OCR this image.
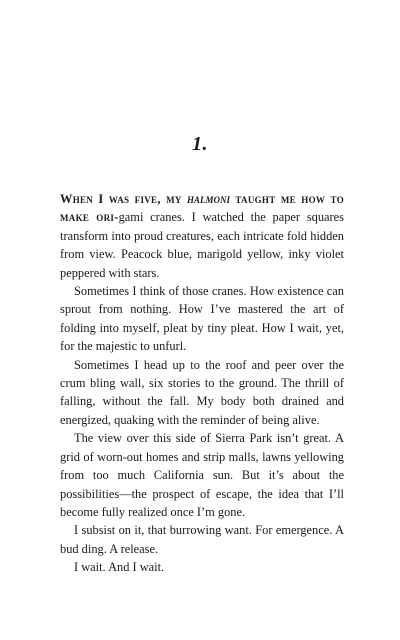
1.

When I was five, my halmoni taught me how to make ori-gami cranes. I watched the paper squares transform into proud creatures, each intricate fold hidden from view. Peacock blue, marigold yellow, inky violet peppered with stars.

Sometimes I think of those cranes. How existence can sprout from nothing. How I’ve mastered the art of folding into myself, pleat by tiny pleat. How I wait, yet, for the majestic to unfurl.

Sometimes I head up to the roof and peer over the crum bling wall, six stories to the ground. The thrill of falling, without the fall. My body both drained and energized, quaking with the reminder of being alive.

The view over this side of Sierra Park isn’t great. A grid of worn-out homes and strip malls, lawns yellowing from too much California sun. But it’s about the possibilities—the prospect of escape, the idea that I’ll become fully realized once I’m gone.

I subsist on it, that burrowing want. For emergence. A bud ding. A release.

I wait. And I wait.
